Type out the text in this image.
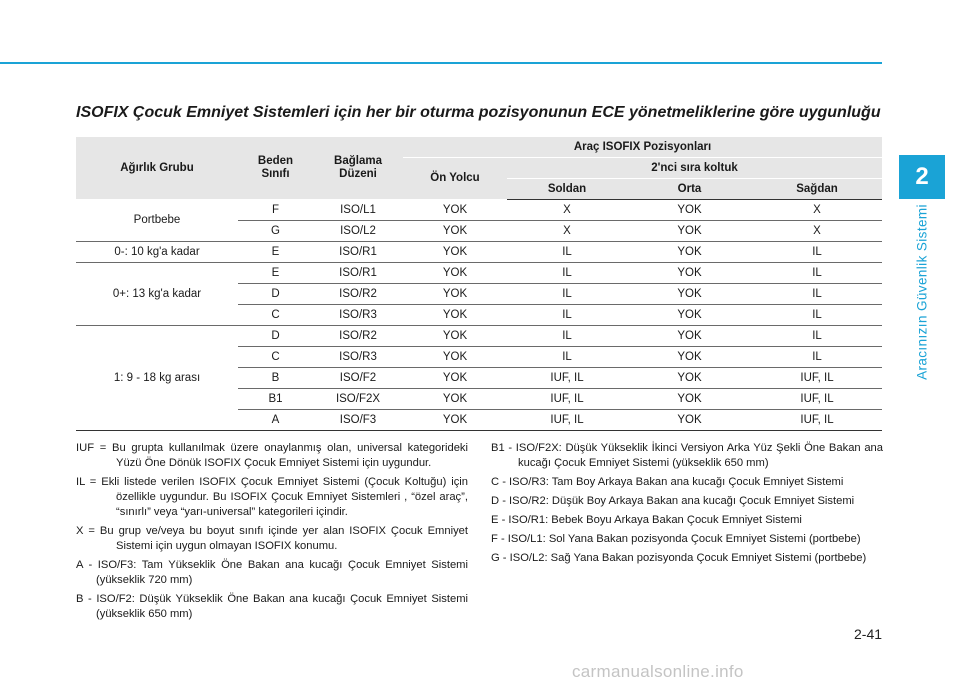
2
Aracınızın Güvenlik Sistemi
ISOFIX Çocuk Emniyet Sistemleri için her bir oturma pozisyonunun ECE yönetmeliklerine göre uygunluğu
Ağırlık Grubu	Beden Sınıfı	Bağlama Düzeni	Araç ISOFIX Pozisyonları			
			Ön Yolcu	2'nci sıra koltuk		
				Soldan	Orta	Sağdan
Portbebe	F	ISO/L1	YOK	X	YOK	X
	G	ISO/L2	YOK	X	YOK	X
0-: 10 kg'a kadar	E	ISO/R1	YOK	IL	YOK	IL
0+: 13 kg'a kadar	E	ISO/R1	YOK	IL	YOK	IL
	D	ISO/R2	YOK	IL	YOK	IL
	C	ISO/R3	YOK	IL	YOK	IL
1: 9 - 18 kg arası	D	ISO/R2	YOK	IL	YOK	IL
	C	ISO/R3	YOK	IL	YOK	IL
	B	ISO/F2	YOK	IUF, IL	YOK	IUF, IL
	B1	ISO/F2X	YOK	IUF, IL	YOK	IUF, IL
	A	ISO/F3	YOK	IUF, IL	YOK	IUF, IL

IUF = Bu grupta kullanılmak üzere onaylanmış olan, universal kategorideki Yüzü Öne Dönük ISOFIX Çocuk Emniyet Sistemi için uygundur.

IL = Ekli listede verilen ISOFIX Çocuk Emniyet Sistemi (Çocuk Koltuğu) için özellikle uygundur. Bu ISOFIX Çocuk Emniyet Sistemleri , “özel araç”, “sınırlı” veya “yarı-universal” kategorileri içindir.

X = Bu grup ve/veya bu boyut sınıfı içinde yer alan ISOFIX Çocuk Emniyet Sistemi için uygun olmayan ISOFIX konumu.

A - ISO/F3: Tam Yükseklik Öne Bakan ana kucağı Çocuk Emniyet Sistemi (yükseklik 720 mm)

B - ISO/F2: Düşük Yükseklik Öne Bakan ana kucağı Çocuk Emniyet Sistemi (yükseklik 650 mm)

B1 - ISO/F2X: Düşük Yükseklik İkinci Versiyon Arka Yüz Şekli Öne Bakan ana kucağı Çocuk Emniyet Sistemi (yükseklik 650 mm)

C - ISO/R3: Tam Boy Arkaya Bakan ana kucağı Çocuk Emniyet Sistemi

D - ISO/R2: Düşük Boy Arkaya Bakan ana kucağı Çocuk Emniyet Sistemi

E - ISO/R1: Bebek Boyu Arkaya Bakan Çocuk Emniyet Sistemi

F - ISO/L1: Sol Yana Bakan pozisyonda Çocuk Emniyet Sistemi (portbebe)

G - ISO/L2: Sağ Yana Bakan pozisyonda Çocuk Emniyet Sistemi (portbebe)

2-41
carmanualsonline.info
